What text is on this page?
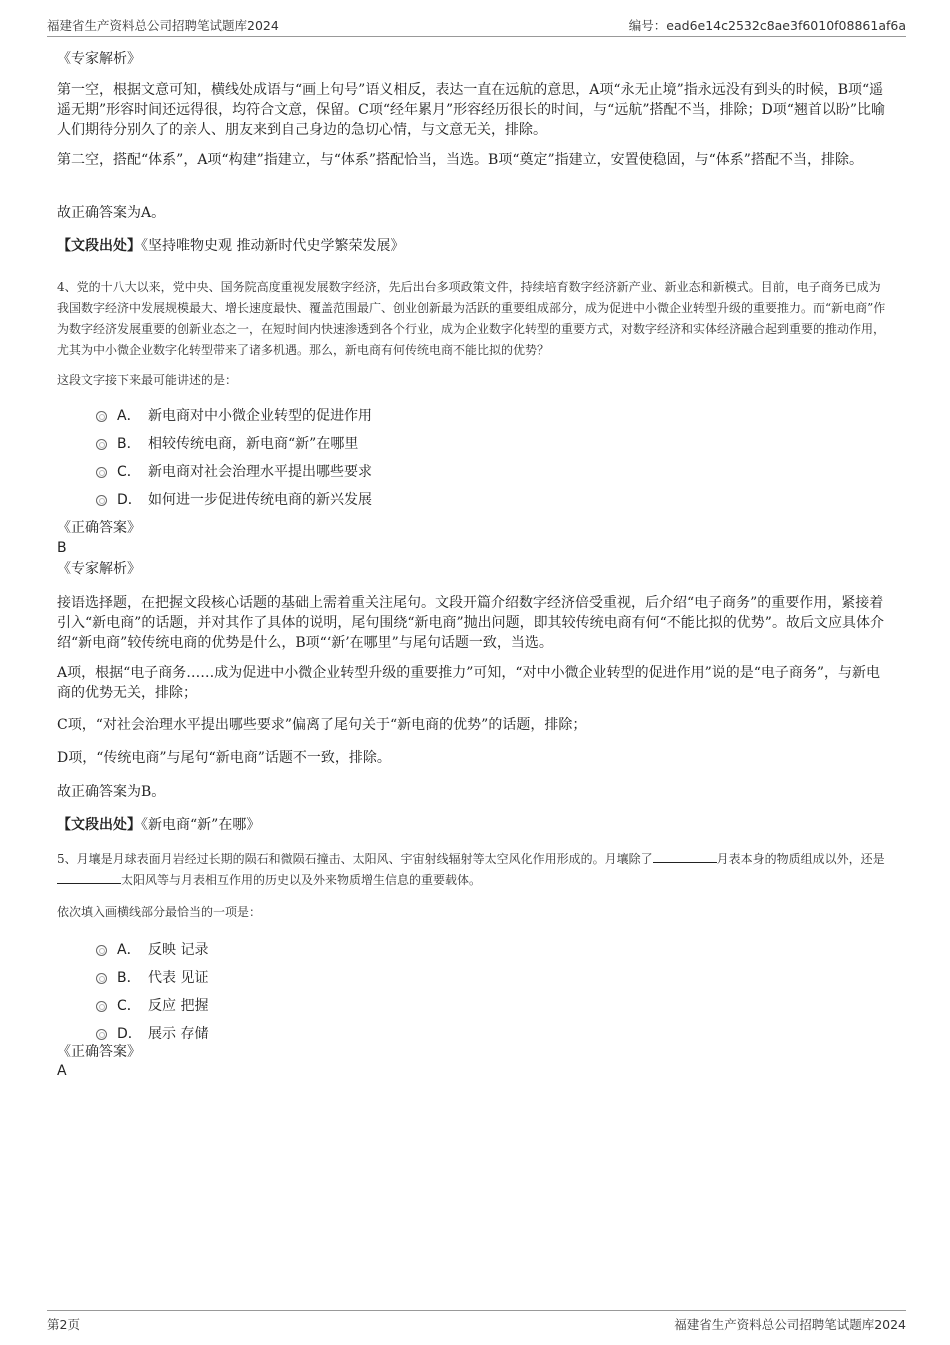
福建省生产资料总公司招聘笔试题库2024	编号：ead6e14c2532c8ae3f6010f08861af6a
《专家解析》
第一空，根据文意可知，横线处成语与“画上句号”语义相反，表达一直在远航的意思，A项“永无止境”指永远没有到头的时候，B项“遥遥无期”形容时间还远得很，均符合文意，保留。C项“经年累月”形容经历很长的时间，与“远航”搭配不当，排除；D项“翘首以盼”比喻人们期待分别久了的亲人、朋友来到自己身边的急切心情，与文意无关，排除。
第二空，搭配“体系”，A项“构建”指建立，与“体系”搭配恰当，当选。B项“奠定”指建立，安置使稳固，与“体系”搭配不当，排除。
故正确答案为A。
【文段出处】《坚持唯物史观 推动新时代史学繁荣发展》
4、党的十八大以来，党中央、国务院高度重视发展数字经济，先后出台多项政策文件，持续培育数字经济新产业、新业态和新模式。目前，电子商务已成为我国数字经济中发展规模最大、增长速度最快、覆盖范围最广、创业创新最为活跃的重要组成部分，成为促进中小微企业转型升级的重要推力。而“新电商”作为数字经济发展重要的创新业态之一，在短时间内快速渗透到各个行业，成为企业数字化转型的重要方式，对数字经济和实体经济融合起到重要的推动作用，尤其为中小微企业数字化转型带来了诸多机遇。那么，新电商有何传统电商不能比拟的优势？
这段文字接下来最可能讲述的是：
A． 新电商对中小微企业转型的促进作用
B． 相较传统电商，新电商“新”在哪里
C． 新电商对社会治理水平提出哪些要求
D． 如何进一步促进传统电商的新兴发展
《正确答案》
B
《专家解析》
接语选择题，在把握文段核心话题的基础上需着重关注尾句。文段开篇介绍数字经济倍受重视，后介绍“电子商务”的重要作用，紧接着引入“新电商”的话题，并对其作了具体的说明，尾句围绕“新电商”抛出问题，即其较传统电商有何“不能比拟的优势”。故后文应具体介绍“新电商”较传统电商的优势是什么，B项“‘新’在哪里”与尾句话题一致，当选。
A项，根据“电子商务……成为促进中小微企业转型升级的重要推力”可知，“对中小微企业转型的促进作用”说的是“电子商务”，与新电商的优势无关，排除；
C项，“对社会治理水平提出哪些要求”偏离了尾句关于“新电商的优势”的话题，排除；
D项，“传统电商”与尾句“新电商”话题不一致，排除。
故正确答案为B。
【文段出处】《新电商“新”在哪》
5、月壤是月球表面月岩经过长期的陨石和微陨石撞击、太阳风、宇宙射线辐射等太空风化作用形成的。月壤除了	月表本身的物质组成以外，还是太阳风等与月表相互作用的历史以及外来物质增生信息的重要载体。
依次填入画横线部分最恰当的一项是：
A． 反映 记录
B． 代表 见证
C． 反应 把握
D． 展示 存储
《正确答案》
A
第2页	福建省生产资料总公司招聘笔试题库2024
